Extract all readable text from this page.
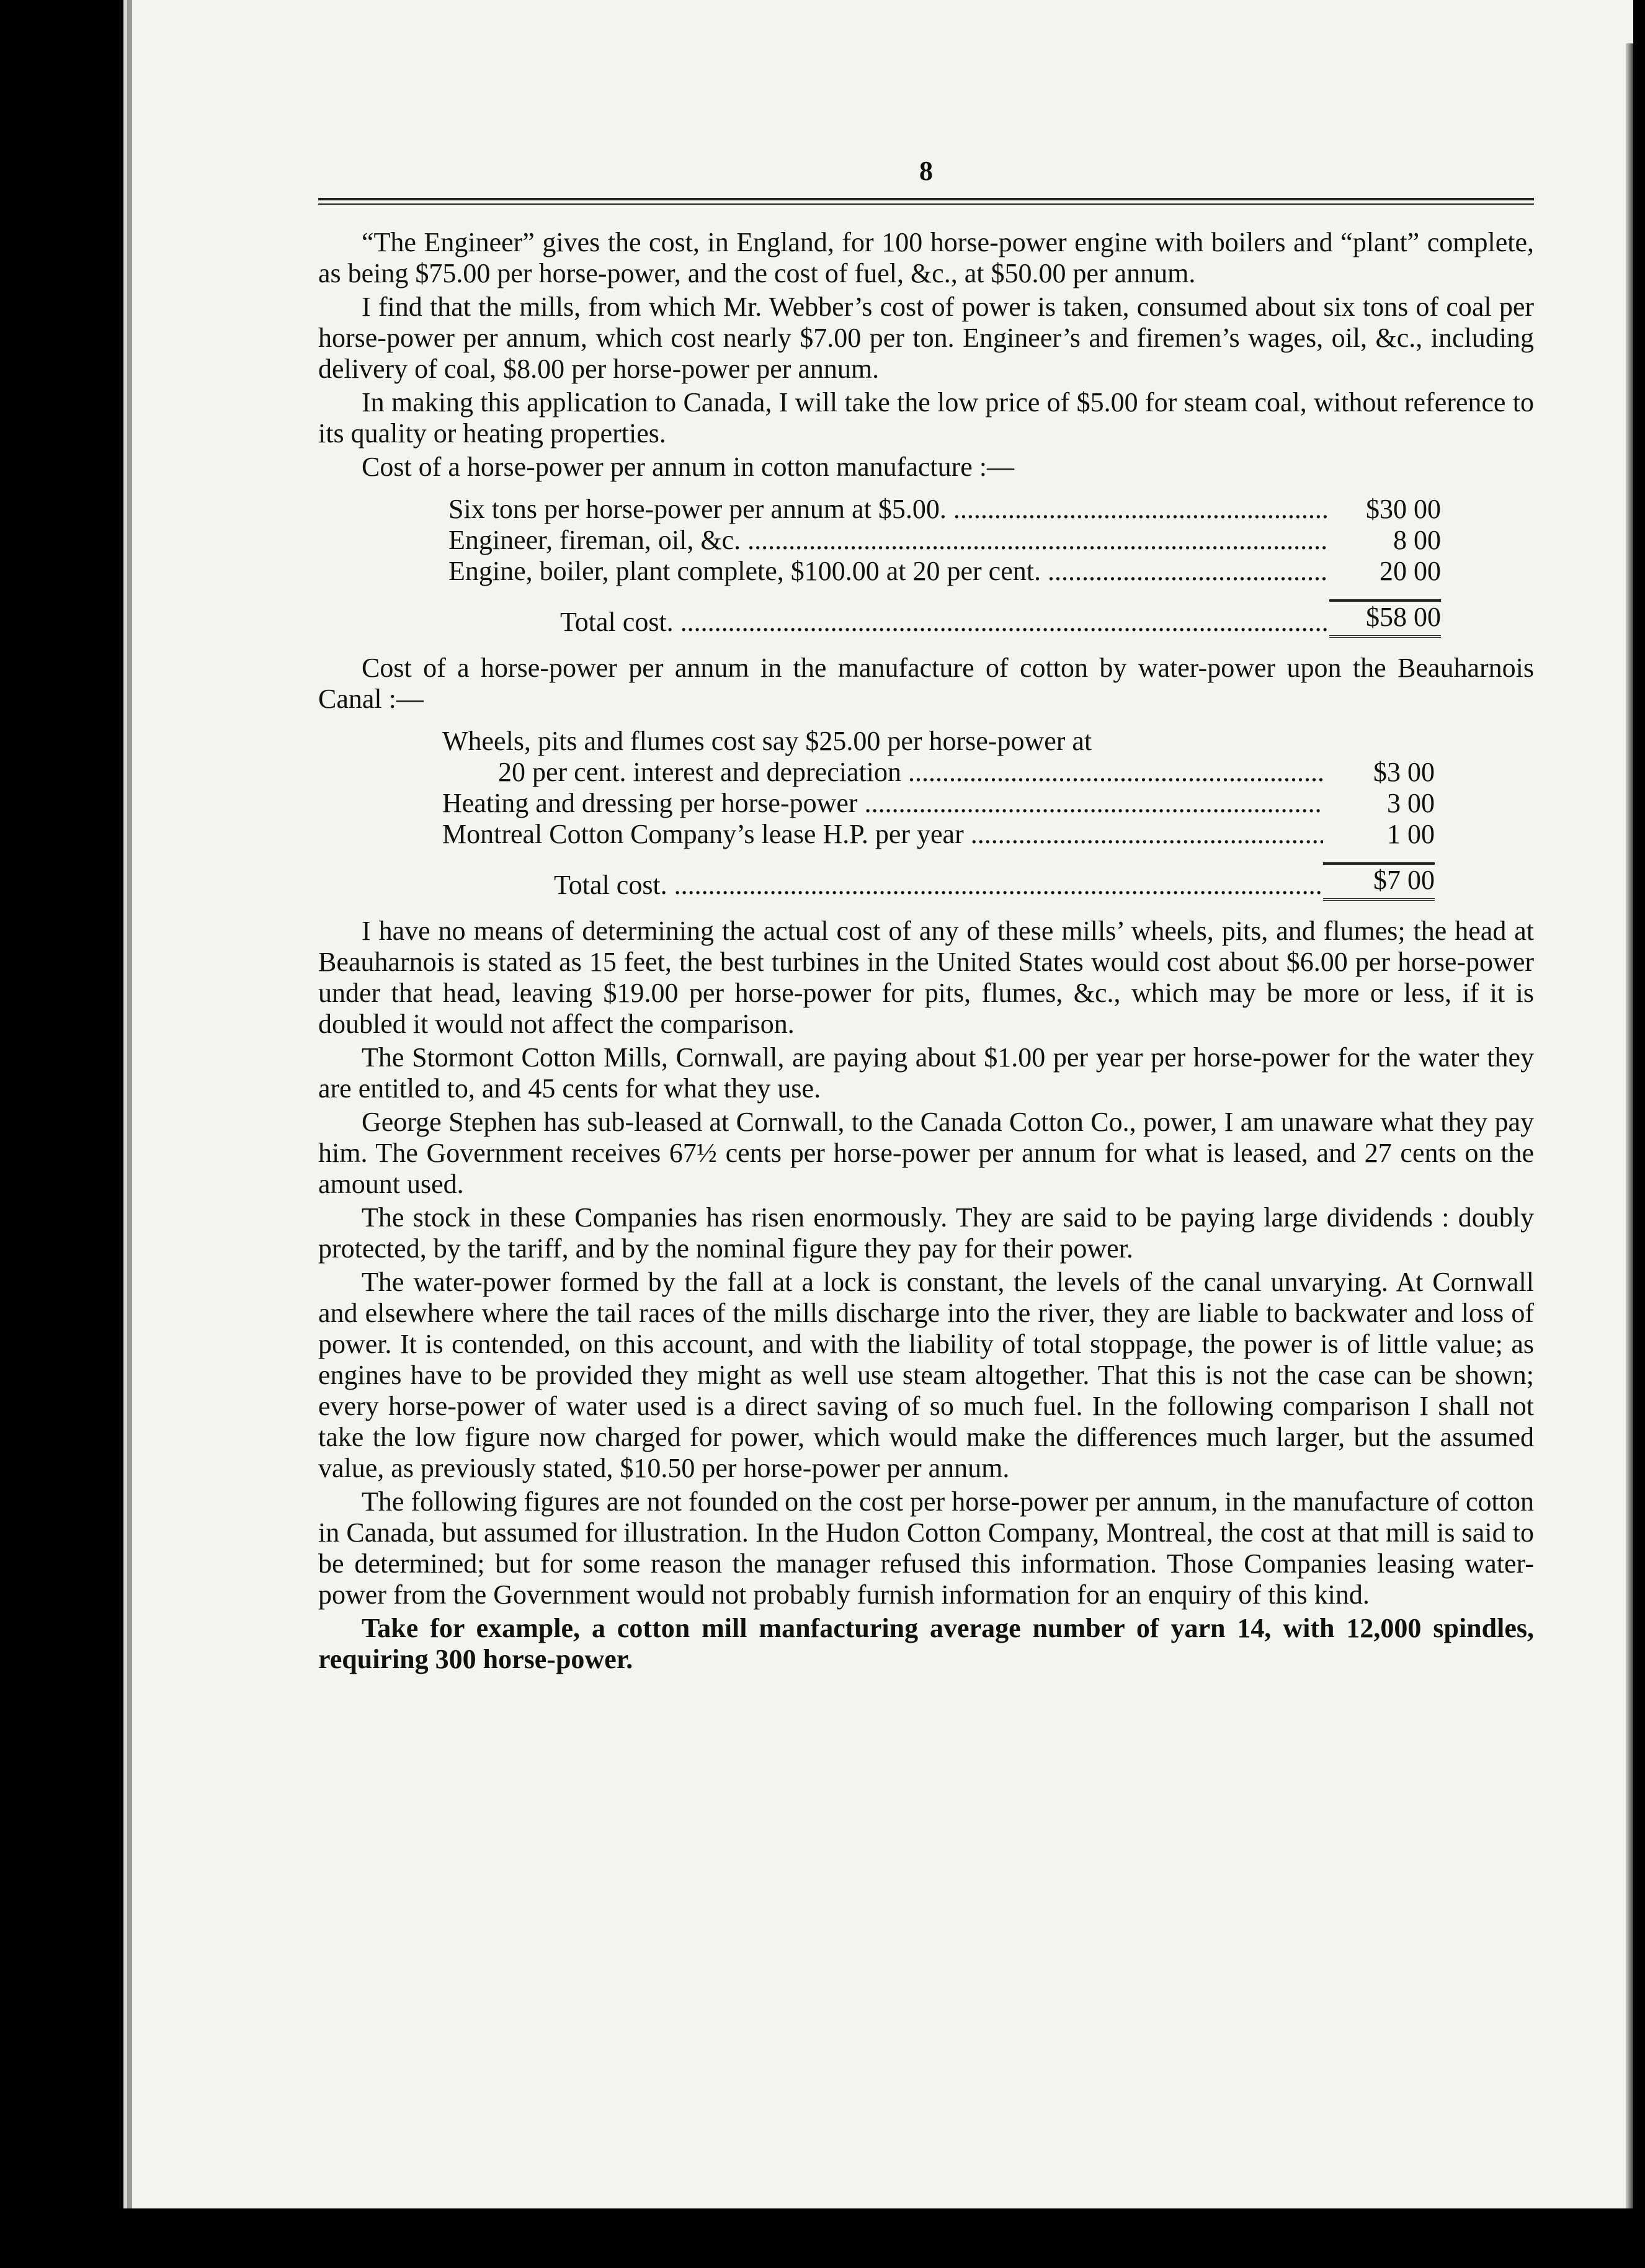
8

“The Engineer” gives the cost, in England, for 100 horse-power engine with boilers and “plant” complete, as being $75.00 per horse-power, and the cost of fuel, &c., at $50.00 per annum.

I find that the mills, from which Mr. Webber’s cost of power is taken, consumed about six tons of coal per horse-power per annum, which cost nearly $7.00 per ton. Engineer’s and firemen’s wages, oil, &c., including delivery of coal, $8.00 per horse-power per annum.

In making this application to Canada, I will take the low price of $5.00 for steam coal, without reference to its quality or heating properties.

Cost of a horse-power per annum in cotton manufacture :—

Six tons per horse-power per annum at $5.00. .....	$30 00
Engineer, fireman, oil, &c. .....	8 00
Engine, boiler, plant complete, $100.00 at 20 per cent. .....	20 00
Total cost. .....	$58 00

Cost of a horse-power per annum in the manufacture of cotton by water-power upon the Beauharnois Canal :—

Wheels, pits and flumes cost say $25.00 per horse-power at
20 per cent. interest and depreciation .....	$3 00
Heating and dressing per horse-power .....	3 00
Montreal Cotton Company’s lease H.P. per year .....	1 00
Total cost. .....	$7 00

I have no means of determining the actual cost of any of these mills’ wheels, pits, and flumes; the head at Beauharnois is stated as 15 feet, the best turbines in the United States would cost about $6.00 per horse-power under that head, leaving $19.00 per horse-power for pits, flumes, &c., which may be more or less, if it is doubled it would not affect the comparison.

The Stormont Cotton Mills, Cornwall, are paying about $1.00 per year per horse-power for the water they are entitled to, and 45 cents for what they use.

George Stephen has sub-leased at Cornwall, to the Canada Cotton Co., power, I am unaware what they pay him. The Government receives 67½ cents per horse-power per annum for what is leased, and 27 cents on the amount used.

The stock in these Companies has risen enormously. They are said to be paying large dividends : doubly protected, by the tariff, and by the nominal figure they pay for their power.

The water-power formed by the fall at a lock is constant, the levels of the canal unvarying. At Cornwall and elsewhere where the tail races of the mills discharge into the river, they are liable to backwater and loss of power. It is contended, on this account, and with the liability of total stoppage, the power is of little value; as engines have to be provided they might as well use steam altogether. That this is not the case can be shown; every horse-power of water used is a direct saving of so much fuel. In the following comparison I shall not take the low figure now charged for power, which would make the differences much larger, but the assumed value, as previously stated, $10.50 per horse-power per annum.

The following figures are not founded on the cost per horse-power per annum, in the manufacture of cotton in Canada, but assumed for illustration. In the Hudon Cotton Company, Montreal, the cost at that mill is said to be determined; but for some reason the manager refused this information. Those Companies leasing water-power from the Government would not probably furnish information for an enquiry of this kind.

Take for example, a cotton mill manfacturing average number of yarn 14, with 12,000 spindles, requiring 300 horse-power.
